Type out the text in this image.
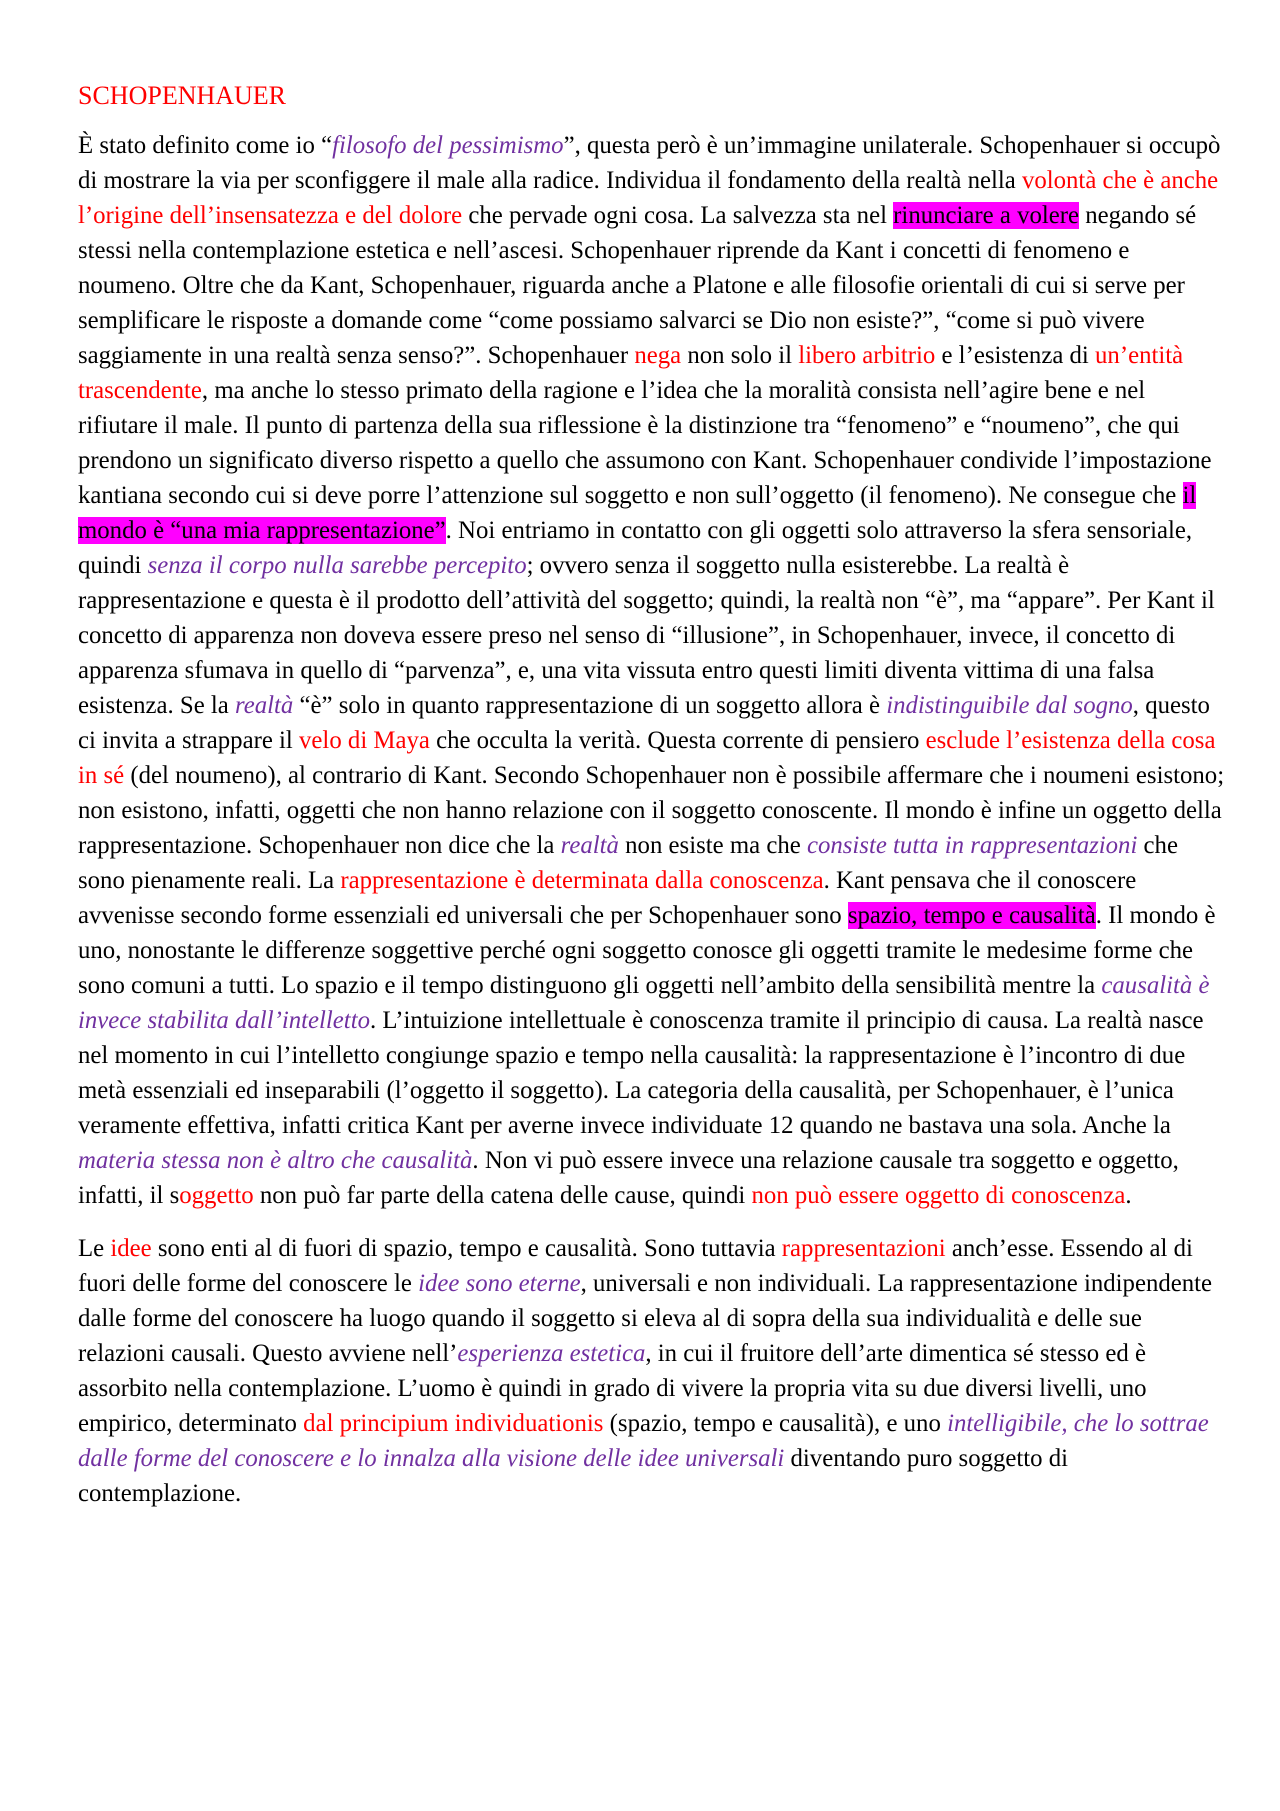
SCHOPENHAUER

È stato definito come io “filosofo del pessimismo”, questa però è un’immagine unilaterale. Schopenhauer si occupò di mostrare la via per sconfiggere il male alla radice. Individua il fondamento della realtà nella volontà che è anche l’origine dell’insensatezza e del dolore che pervade ogni cosa. La salvezza sta nel rinunciare a volere negando sé stessi nella contemplazione estetica e nell’ascesi. Schopenhauer riprende da Kant i concetti di fenomeno e noumeno. Oltre che da Kant, Schopenhauer, riguarda anche a Platone e alle filosofie orientali di cui si serve per semplificare le risposte a domande come “come possiamo salvarci se Dio non esiste?”, “come si può vivere saggiamente in una realtà senza senso?”. Schopenhauer nega non solo il libero arbitrio e l’esistenza di un’entità trascendente, ma anche lo stesso primato della ragione e l’idea che la moralità consista nell’agire bene e nel rifiutare il male. Il punto di partenza della sua riflessione è la distinzione tra “fenomeno” e “noumeno”, che qui prendono un significato diverso rispetto a quello che assumono con Kant. Schopenhauer condivide l’impostazione kantiana secondo cui si deve porre l’attenzione sul soggetto e non sull’oggetto (il fenomeno). Ne consegue che il mondo è “una mia rappresentazione”. Noi entriamo in contatto con gli oggetti solo attraverso la sfera sensoriale, quindi senza il corpo nulla sarebbe percepito; ovvero senza il soggetto nulla esisterebbe. La realtà è rappresentazione e questa è il prodotto dell’attività del soggetto; quindi, la realtà non “è”, ma “appare”. Per Kant il concetto di apparenza non doveva essere preso nel senso di “illusione”, in Schopenhauer, invece, il concetto di apparenza sfumava in quello di “parvenza”, e, una vita vissuta entro questi limiti diventa vittima di una falsa esistenza. Se la realtà “è” solo in quanto rappresentazione di un soggetto allora è indistinguibile dal sogno, questo ci invita a strappare il velo di Maya che occulta la verità. Questa corrente di pensiero esclude l’esistenza della cosa in sé (del noumeno), al contrario di Kant. Secondo Schopenhauer non è possibile affermare che i noumeni esistono; non esistono, infatti, oggetti che non hanno relazione con il soggetto conoscente. Il mondo è infine un oggetto della rappresentazione. Schopenhauer non dice che la realtà non esiste ma che consiste tutta in rappresentazioni che sono pienamente reali. La rappresentazione è determinata dalla conoscenza. Kant pensava che il conoscere avvenisse secondo forme essenziali ed universali che per Schopenhauer sono spazio, tempo e causalità. Il mondo è uno, nonostante le differenze soggettive perché ogni soggetto conosce gli oggetti tramite le medesime forme che sono comuni a tutti. Lo spazio e il tempo distinguono gli oggetti nell’ambito della sensibilità mentre la causalità è invece stabilita dall’intelletto. L’intuizione intellettuale è conoscenza tramite il principio di causa. La realtà nasce nel momento in cui l’intelletto congiunge spazio e tempo nella causalità: la rappresentazione è l’incontro di due metà essenziali ed inseparabili (l’oggetto il soggetto). La categoria della causalità, per Schopenhauer, è l’unica veramente effettiva, infatti critica Kant per averne invece individuate 12 quando ne bastava una sola. Anche la materia stessa non è altro che causalità. Non vi può essere invece una relazione causale tra soggetto e oggetto, infatti, il soggetto non può far parte della catena delle cause, quindi non può essere oggetto di conoscenza.

Le idee sono enti al di fuori di spazio, tempo e causalità. Sono tuttavia rappresentazioni anch’esse. Essendo al di fuori delle forme del conoscere le idee sono eterne, universali e non individuali. La rappresentazione indipendente dalle forme del conoscere ha luogo quando il soggetto si eleva al di sopra della sua individualità e delle sue relazioni causali. Questo avviene nell’esperienza estetica, in cui il fruitore dell’arte dimentica sé stesso ed è assorbito nella contemplazione. L’uomo è quindi in grado di vivere la propria vita su due diversi livelli, uno empirico, determinato dal principium individuationis (spazio, tempo e causalità), e uno intelligibile, che lo sottrae dalle forme del conoscere e lo innalza alla visione delle idee universali diventando puro soggetto di contemplazione.
